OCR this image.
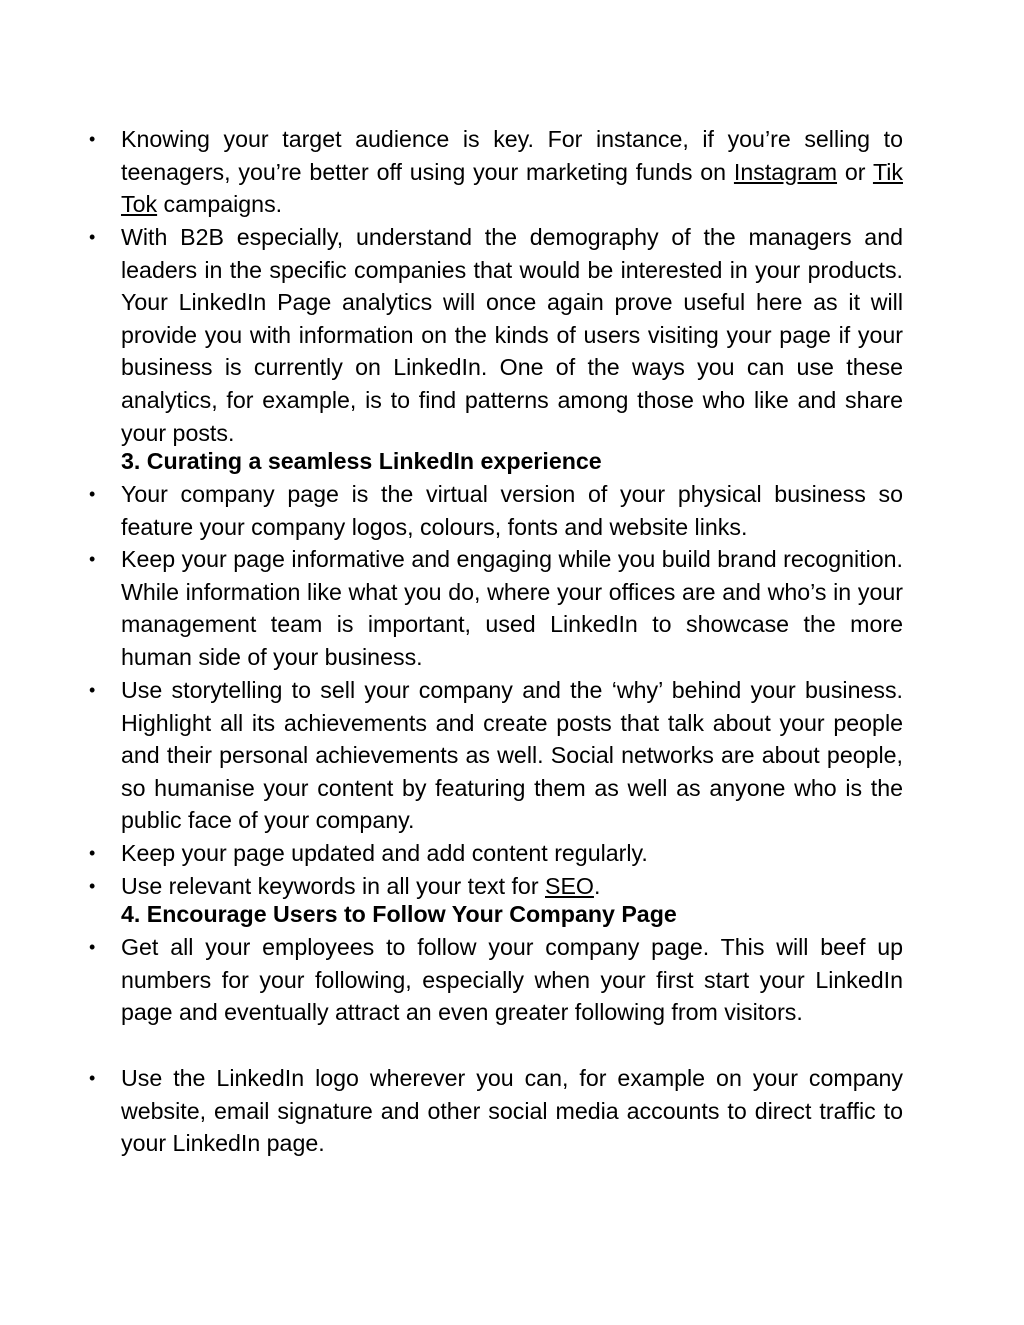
• Knowing your target audience is key. For instance, if you’re selling to teenagers, you’re better off using your marketing funds on Instagram or Tik Tok campaigns.
• With B2B especially, understand the demography of the managers and leaders in the specific companies that would be interested in your products. Your LinkedIn Page analytics will once again prove useful here as it will provide you with information on the kinds of users visiting your page if your business is currently on LinkedIn. One of the ways you can use these analytics, for example, is to find patterns among those who like and share your posts.
3. Curating a seamless LinkedIn experience
• Your company page is the virtual version of your physical business so feature your company logos, colours, fonts and website links.
• Keep your page informative and engaging while you build brand recognition. While information like what you do, where your offices are and who’s in your management team is important, used LinkedIn to showcase the more human side of your business.
• Use storytelling to sell your company and the ‘why’ behind your business. Highlight all its achievements and create posts that talk about your people and their personal achievements as well. Social networks are about people, so humanise your content by featuring them as well as anyone who is the public face of your company.
• Keep your page updated and add content regularly.
• Use relevant keywords in all your text for SEO.
4. Encourage Users to Follow Your Company Page
• Get all your employees to follow your company page. This will beef up numbers for your following, especially when your first start your LinkedIn page and eventually attract an even greater following from visitors.
• Use the LinkedIn logo wherever you can, for example on your company website, email signature and other social media accounts to direct traffic to your LinkedIn page.
